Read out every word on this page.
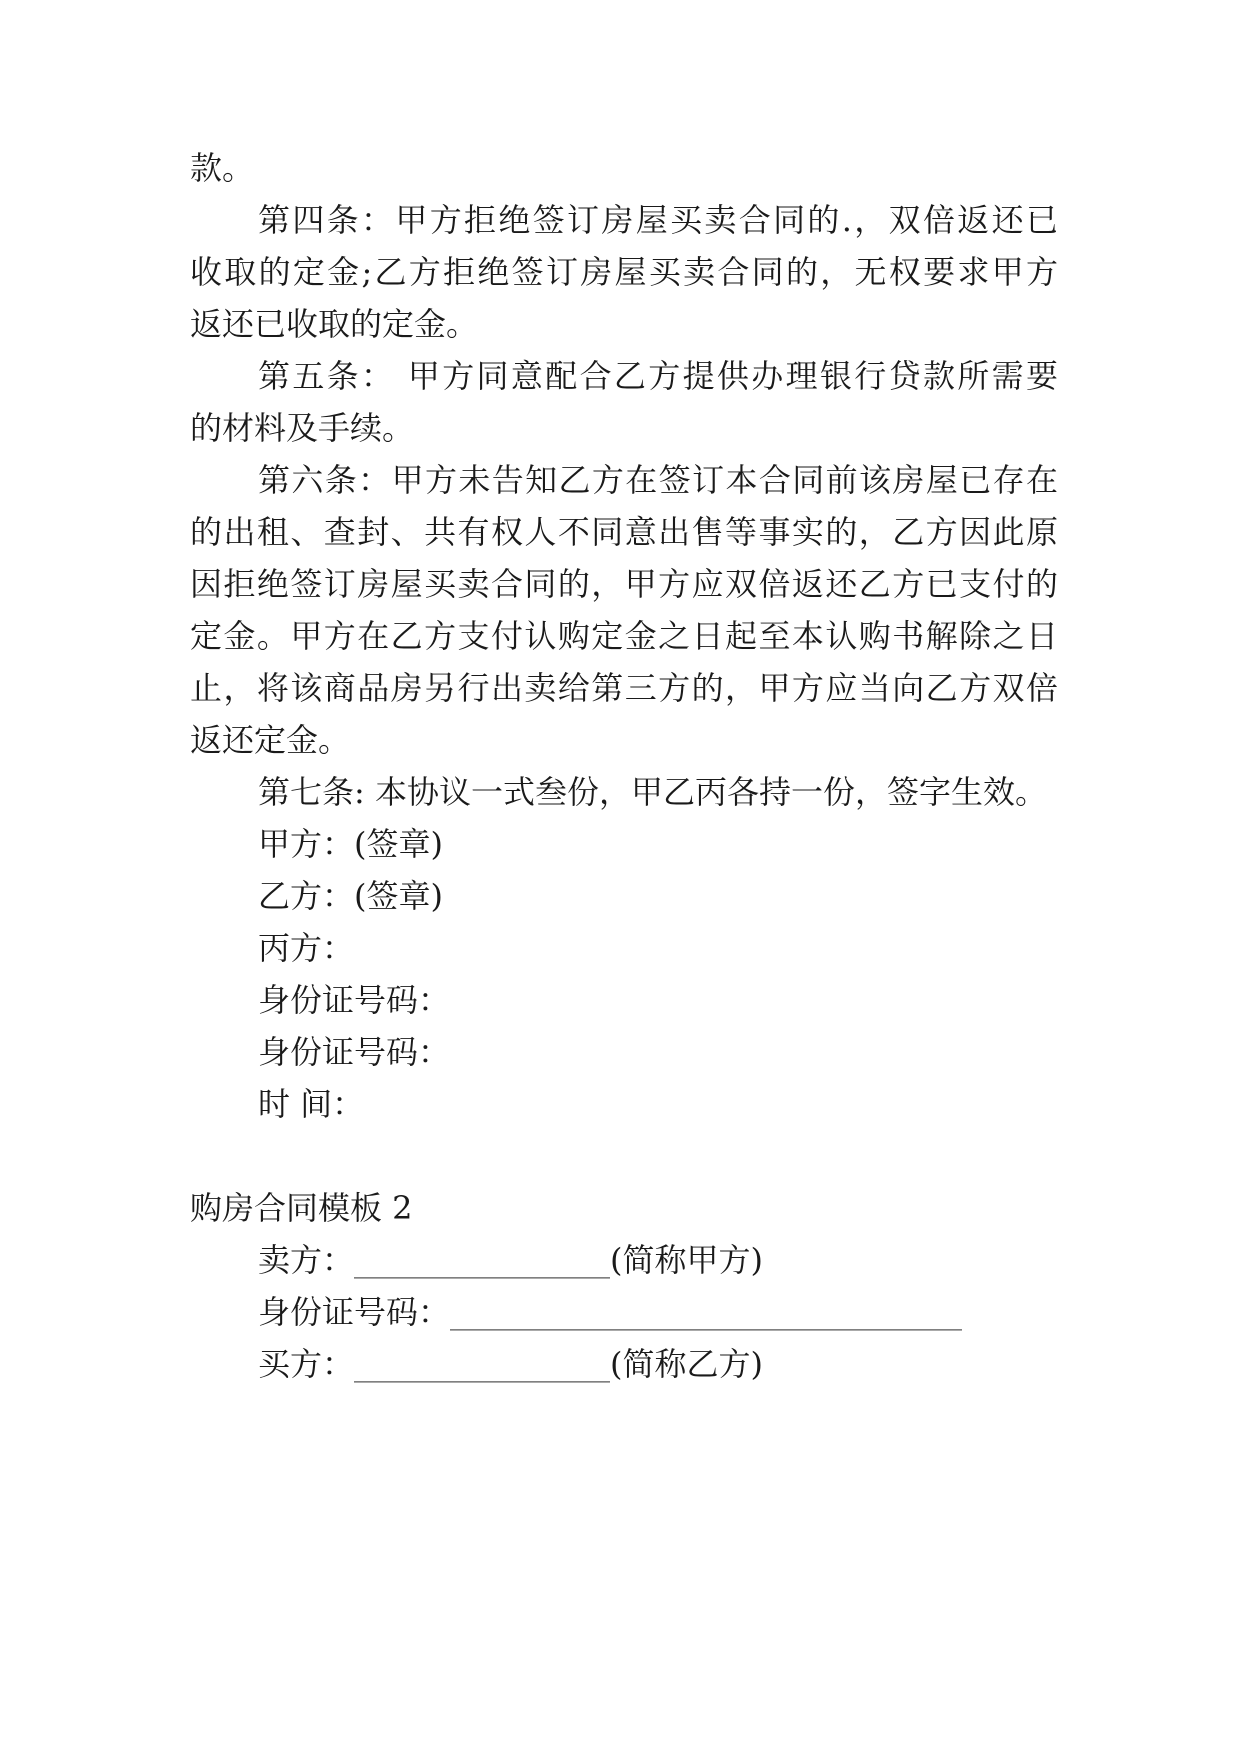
款。
第四条：甲方拒绝签订房屋买卖合同的.，双倍返还已
收取的定金;乙方拒绝签订房屋买卖合同的，无权要求甲方
返还已收取的定金。
第五条： 甲方同意配合乙方提供办理银行贷款所需要
的材料及手续。
第六条：甲方未告知乙方在签订本合同前该房屋已存在
的出租、查封、共有权人不同意出售等事实的，乙方因此原
因拒绝签订房屋买卖合同的，甲方应双倍返还乙方已支付的
定金。甲方在乙方支付认购定金之日起至本认购书解除之日
止，将该商品房另行出卖给第三方的，甲方应当向乙方双倍
返还定金。
第七条: 本协议一式叁份，甲乙丙各持一份，签字生效。
甲方：(签章)
乙方：(签章)
丙方：
身份证号码：
身份证号码：
时 间：
购房合同模板 2
卖方：________________(简称甲方)
身份证号码：________________________________
买方：________________(简称乙方)
